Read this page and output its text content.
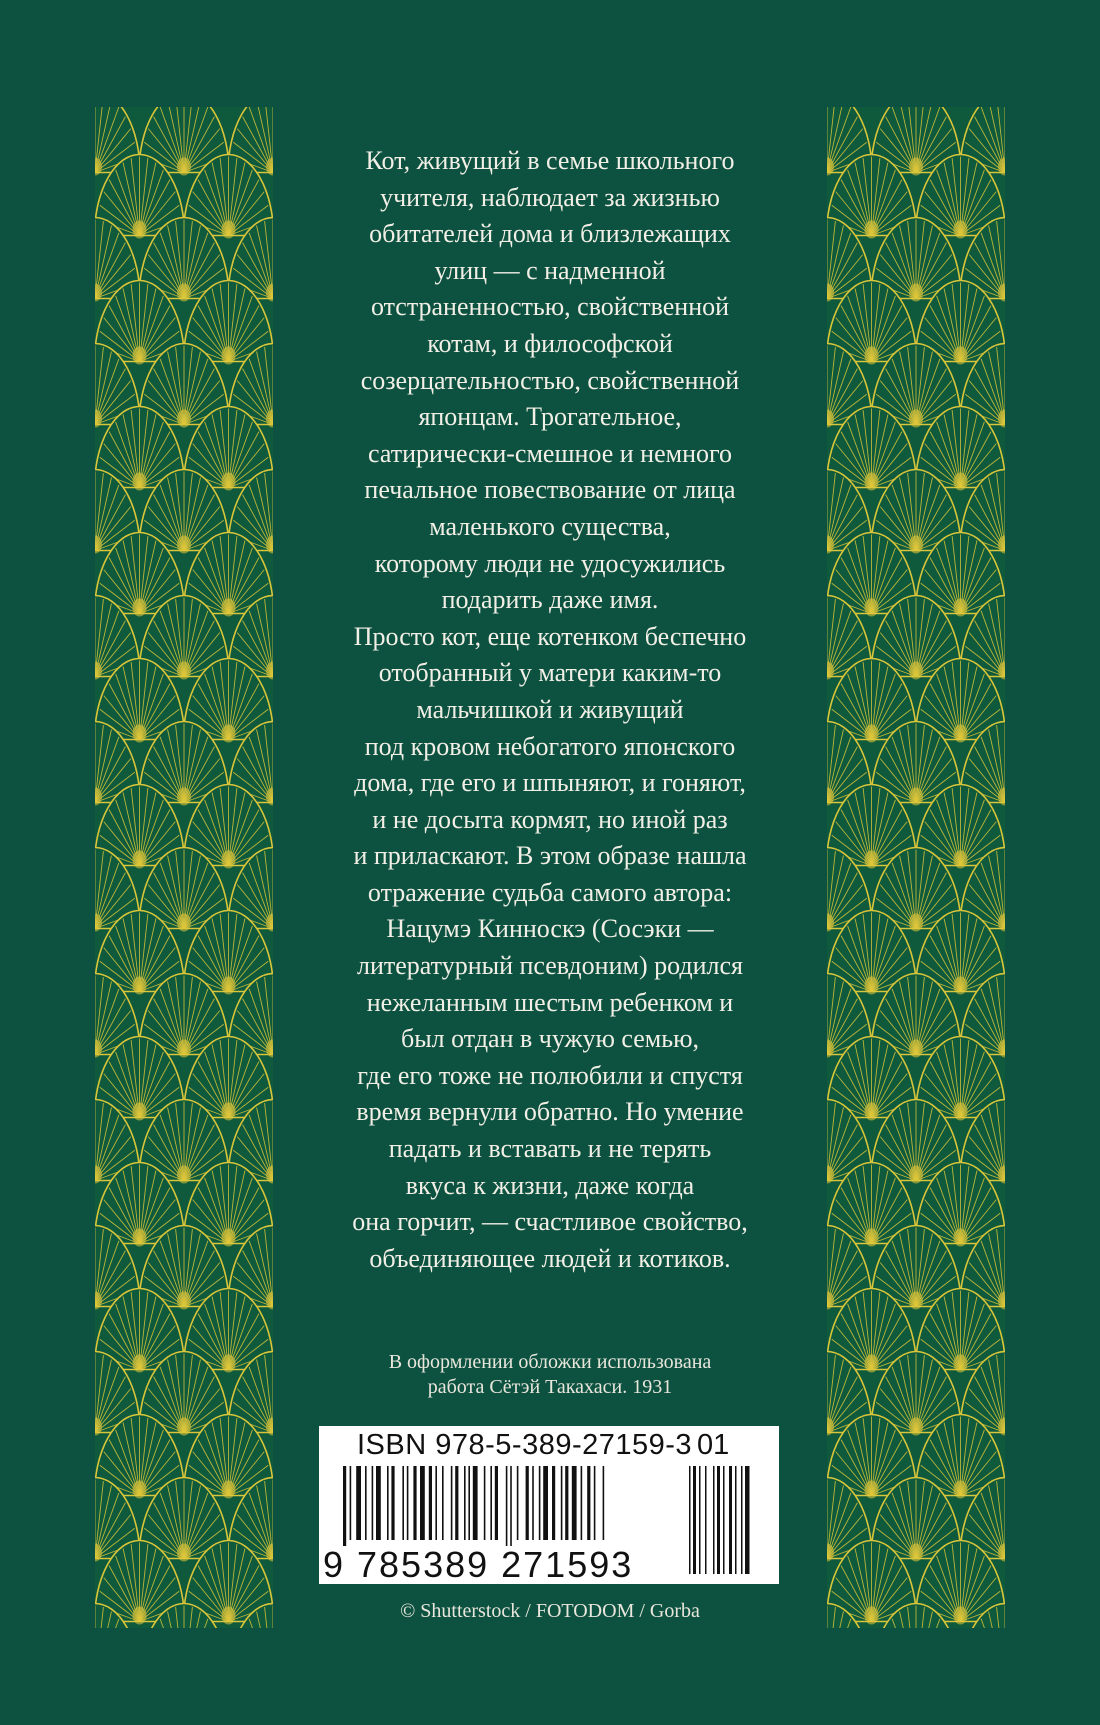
Кот, живущий в семье школьного
учителя, наблюдает за жизнью
обитателей дома и близлежащих
улиц — с надменной
отстраненностью, свойственной
котам, и философской
созерцательностью, свойственной
японцам. Трогательное,
сатирически-смешное и немного
печальное повествование от лица
маленького существа,
которому люди не удосужились
подарить даже имя.
Просто кот, еще котенком беспечно
отобранный у матери каким-то
мальчишкой и живущий
под кровом небогатого японского
дома, где его и шпыняют, и гоняют,
и не досыта кормят, но иной раз
и приласкают. В этом образе нашла
отражение судьба самого автора:
Нацумэ Кинноскэ (Сосэки —
литературный псевдоним) родился
нежеланным шестым ребенком и
был отдан в чужую семью,
где его тоже не полюбили и спустя
время вернули обратно. Но умение
падать и вставать и не терять
вкуса к жизни, даже когда
она горчит, — счастливое свойство,
объединяющее людей и котиков.
В оформлении обложки использована
работа Сётэй Такахаси. 1931
ISBN 978-5-389-27159-3 01
9 785389 271593
© Shutterstock / FOTODOM / Gorba
